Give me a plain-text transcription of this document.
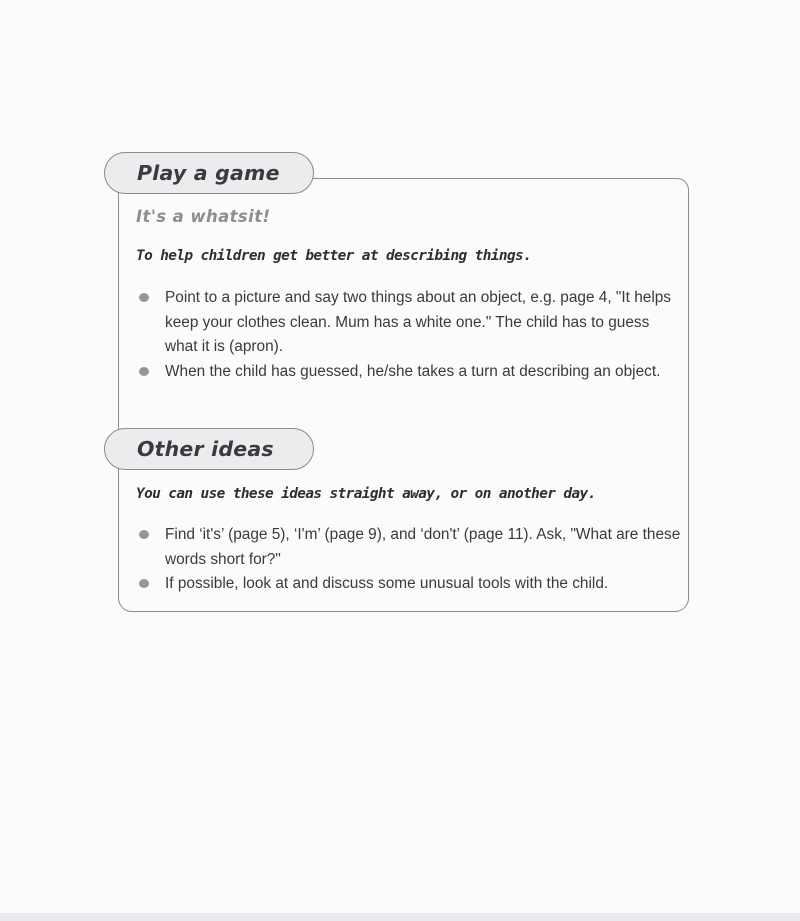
Play a game
It's a whatsit!
To help children get better at describing things.
Point to a picture and say two things about an object, e.g. page 4, "It helps keep your clothes clean. Mum has a white one." The child has to guess what it is (apron).
When the child has guessed, he/she takes a turn at describing an object.
Other ideas
You can use these ideas straight away, or on another day.
Find ‘it's’ (page 5), ‘I'm’ (page 9), and ‘don't’ (page 11). Ask, "What are these words short for?"
If possible, look at and discuss some unusual tools with the child.
